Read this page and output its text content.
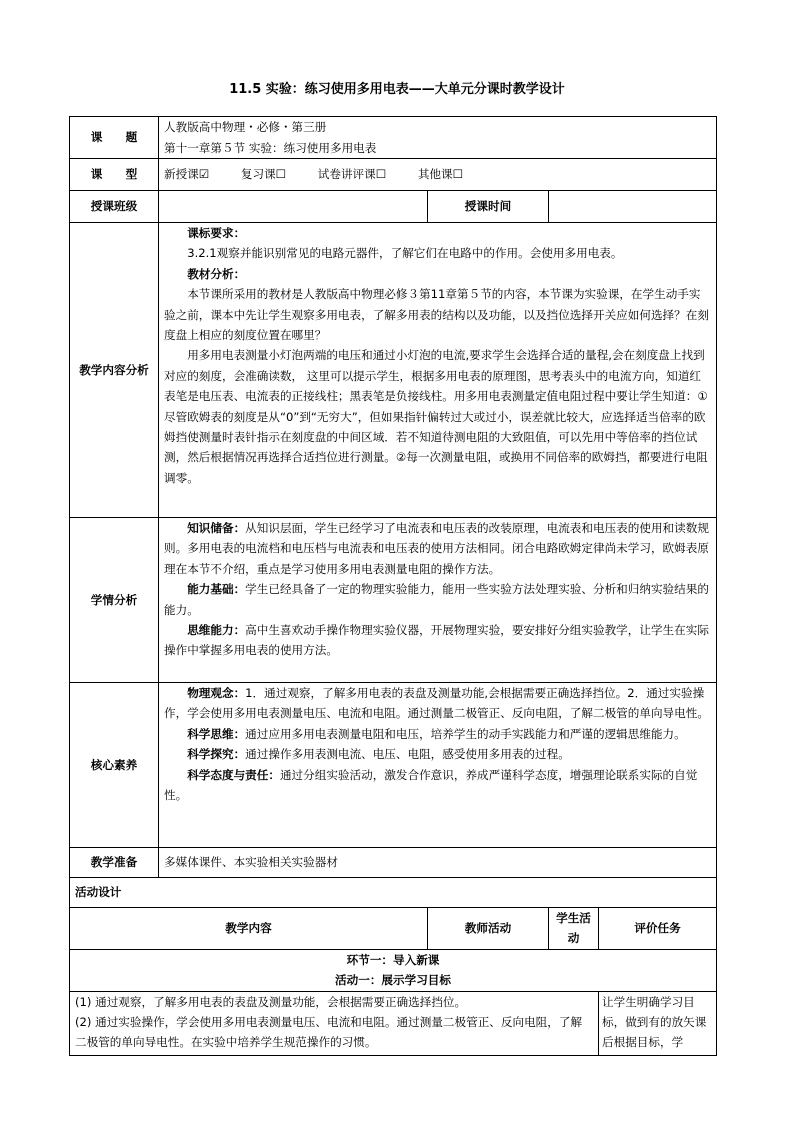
11.5 实验：练习使用多用电表——大单元分课时教学设计
课　　题	人教版高中物理・必修・第三册

第十一章第５节 实验：练习使用多用电表			

课　　型	新授课☑ 复习课☐ 试卷讲评课☐ 其他课☐			
授课班级		授课时间		
教学内容分析	课标要求：

3.2.1观察并能识别常见的电路元器件，了解它们在电路中的作用。会使用多用电表。

教材分析：

本节课所采用的教材是人教版高中物理必修３第11章第５节的内容，本节课为实验课，在学生动手实验之前，课本中先让学生观察多用电表，了解多用表的结构以及功能，以及挡位选择开关应如何选择？在刻度盘上相应的刻度位置在哪里？

用多用电表测量小灯泡两端的电压和通过小灯泡的电流,要求学生会选择合适的量程,会在刻度盘上找到对应的刻度，会准确读数， 这里可以提示学生，根据多用电表的原理图，思考表头中的电流方向，知道红表笔是电压表、电流表的正接线柱；黑表笔是负接线柱。用多用电表测量定值电阻过程中要让学生知道：①尽管欧姆表的刻度是从“0”到“无穷大”，但如果指针偏转过大或过小，误差就比较大，应选择适当倍率的欧姆挡使测量时表针指示在刻度盘的中间区域．若不知道待测电阻的大致阻值，可以先用中等倍率的挡位试测，然后根据情况再选择合适挡位进行测量。②每一次测量电阻，或换用不同倍率的欧姆挡，都要进行电阻调零。			

学情分析	知识储备：从知识层面，学生已经学习了电流表和电压表的改装原理，电流表和电压表的使用和读数规则。多用电表的电流档和电压档与电流表和电压表的使用方法相同。闭合电路欧姆定律尚未学习，欧姆表原理在本节不介绍，重点是学习使用多用电表测量电阻的操作方法。

能力基础：学生已经具备了一定的物理实验能力，能用一些实验方法处理实验、分析和归纳实验结果的能力。

思维能力：高中生喜欢动手操作物理实验仪器，开展物理实验，要安排好分组实验教学，让学生在实际操作中掌握多用电表的使用方法。			

核心素养	物理观念：1．通过观察，了解多用电表的表盘及测量功能,会根据需要正确选择挡位。2．通过实验操作，学会使用多用电表测量电压、电流和电阻。通过测量二极管正、反向电阻，了解二极管的单向导电性。

科学思维：通过应用多用电表测量电阻和电压，培养学生的动手实践能力和严谨的逻辑思维能力。

科学探究：通过操作多用表测电流、电压、电阻，感受使用多用表的过程。

科学态度与责任：通过分组实验活动，激发合作意识，养成严谨科学态度，增强理论联系实际的自觉性。			

教学准备	多媒体课件、本实验相关实验器材			
活动设计				
教学内容		教师活动	学生活动	评价任务

环节一：导入新课

活动一：展示学习目标				

(1) 通过观察，了解多用电表的表盘及测量功能，会根据需要正确选择挡位。

(2) 通过实验操作，学会使用多用电表测量电压、电流和电阻。通过测量二极管正、反向电阻，了解二极管的单向导电性。在实验中培养学生规范操作的习惯。				让学生明确学习目标，做到有的放矢课后根据目标，学
